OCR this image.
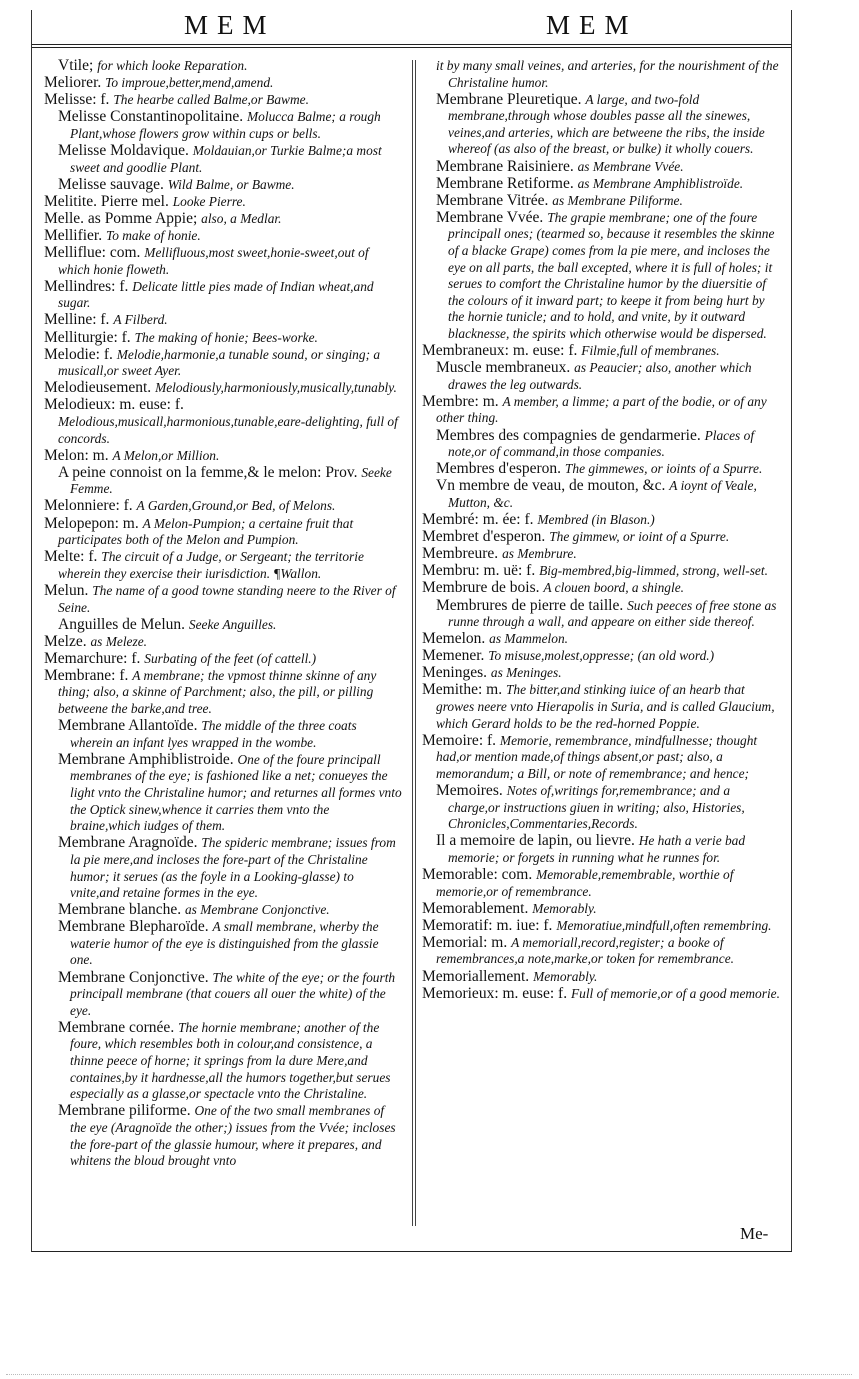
MEM	MEM
Vtile; for which looke Reparation.
Meliorer. To improue,better,mend,amend.
Melisse: f. The hearbe called Balme,or Bawme.
Melisse Constantinopolitaine. Molucca Balme; a rough Plant,whose flowers grow within cups or bells.
Melisse Moldavique. Moldauian,or Turkie Balme;a most sweet and goodlie Plant.
Melisse sauvage. Wild Balme, or Bawme.
Melitite. Pierre mel. Looke Pierre.
Melle. as Pomme Appie; also, a Medlar.
Mellifier. To make of honie.
Melliflue: com. Mellifluous,most sweet,honie-sweet,out of which honie floweth.
Mellindres: f. Delicate little pies made of Indian wheat,and sugar.
Melline: f. A Filberd.
Melliturgie: f. The making of honie; Bees-worke.
Melodie: f. Melodie,harmonie,a tunable sound, or singing; a musicall,or sweet Ayer.
Melodieusement. Melodiously,harmoniously,musically,tunably.
Melodieux: m. euse: f. Melodious,musicall,harmonious,tunable,eare-delighting, full of concords.
Melon: m. A Melon,or Million.
A peine connoist on la femme,& le melon: Prov. Seeke Femme.
Melonniere: f. A Garden,Ground,or Bed, of Melons.
Melopepon: m. A Melon-Pumpion; a certaine fruit that participates both of the Melon and Pumpion.
Melte: f. The circuit of a Judge, or Sergeant; the territorie wherein they exercise their iurisdiction. ¶Wallon.
Melun. The name of a good towne standing neere to the River of Seine.
Anguilles de Melun. Seeke Anguilles.
Melze. as Meleze.
Memarchure: f. Surbating of the feet (of cattell.)
Membrane: f. A membrane; the vpmost thinne skinne of any thing; also, a skinne of Parchment; also, the pill, or pilling betweene the barke,and tree.
Membrane Allantoïde. The middle of the three coats wherein an infant lyes wrapped in the wombe.
Membrane Amphiblistroide. One of the foure principall membranes of the eye; is fashioned like a net; conueyes the light vnto the Christaline humor; and returnes all formes vnto the Optick sinew,whence it carries them vnto the braine,which iudges of them.
Membrane Aragnoïde. The spideric membrane; issues from la pie mere,and incloses the fore-part of the Christaline humor; it serues (as the foyle in a Looking-glasse) to vnite,and retaine formes in the eye.
Membrane blanche. as Membrane Conjonctive.
Membrane Blepharoïde. A small membrane, wherby the waterie humor of the eye is distinguished from the glassie one.
Membrane Conjonctive. The white of the eye; or the fourth principall membrane (that couers all ouer the white) of the eye.
Membrane cornée. The hornie membrane; another of the foure, which resembles both in colour,and consistence, a thinne peece of horne; it springs from la dure Mere,and containes,by it hardnesse,all the humors together,but serues especially as a glasse,or spectacle vnto the Christaline.
Membrane piliforme. One of the two small membranes of the eye (Aragnoïde the other;) issues from the Vvée; incloses the fore-part of the glassie humour, where it prepares, and whitens the bloud brought vnto
it by many small veines, and arteries, for the nourishment of the Christaline humor.
Membrane Pleuretique. A large, and two-fold membrane,through whose doubles passe all the sinewes, veines,and arteries, which are betweene the ribs, the inside whereof (as also of the breast, or bulke) it wholly couers.
Membrane Raisiniere. as Membrane Vvée.
Membrane Retiforme. as Membrane Amphiblistroïde.
Membrane Vitrée. as Membrane Piliforme.
Membrane Vvée. The grapie membrane; one of the foure principall ones; (tearmed so, because it resembles the skinne of a blacke Grape) comes from la pie mere, and incloses the eye on all parts, the ball excepted, where it is full of holes; it serues to comfort the Christaline humor by the diuersitie of the colours of it inward part; to keepe it from being hurt by the hornie tunicle; and to hold, and vnite, by it outward blacknesse, the spirits which otherwise would be dispersed.
Membraneux: m. euse: f. Filmie,full of membranes.
Muscle membraneux. as Peaucier; also, another which drawes the leg outwards.
Membre: m. A member, a limme; a part of the bodie, or of any other thing.
Membres des compagnies de gendarmerie. Places of note,or of command,in those companies.
Membres d'esperon. The gimmewes, or ioints of a Spurre.
Vn membre de veau, de mouton, &c. A ioynt of Veale, Mutton, &c.
Membré: m. ée: f. Membred (in Blason.)
Membret d'esperon. The gimmew, or ioint of a Spurre.
Membreure. as Membrure.
Membru: m. uë: f. Big-membred,big-limmed, strong, well-set.
Membrure de bois. A clouen boord, a shingle.
Membrures de pierre de taille. Such peeces of free stone as runne through a wall, and appeare on either side thereof.
Memelon. as Mammelon.
Memener. To misuse,molest,oppresse; (an old word.)
Meninges. as Meninges.
Memithe: m. The bitter,and stinking iuice of an hearb that growes neere vnto Hierapolis in Suria, and is called Glaucium, which Gerard holds to be the red-horned Poppie.
Memoire: f. Memorie, remembrance, mindfullnesse; thought had,or mention made,of things absent,or past; also, a memorandum; a Bill, or note of remembrance; and hence;
Memoires. Notes of,writings for,remembrance; and a charge,or instructions giuen in writing; also, Histories, Chronicles,Commentaries,Records.
Il a memoire de lapin, ou lievre. He hath a verie bad memorie; or forgets in running what he runnes for.
Memorable: com. Memorable,remembrable, worthie of memorie,or of remembrance.
Memorablement. Memorably.
Memoratif: m. iue: f. Memoratiue,mindfull,often remembring.
Memorial: m. A memoriall,record,register; a booke of remembrances,a note,marke,or token for remembrance.
Memoriallement. Memorably.
Memorieux: m. euse: f. Full of memorie,or of a good memorie.
Me-
